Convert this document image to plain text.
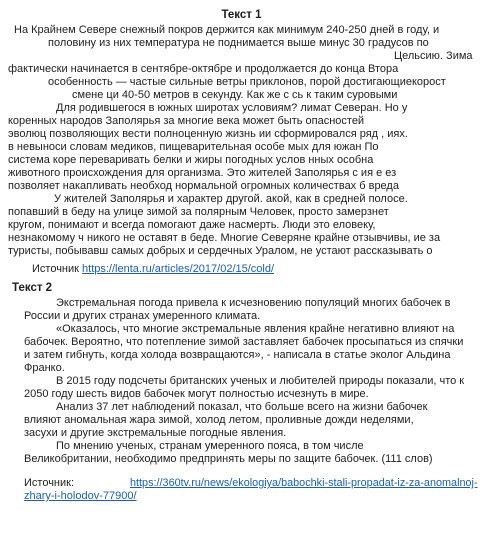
Текст 1
На Крайнем Севере снежный покров держится как минимум 240-250 дней в году, и
половину из них температура не поднимается выше минус 30 градусов по
Цельсию. Зима
фактически начинается в сентябре-октябре и продолжается до конца Втора
особенность — частые сильные ветры приклонов, порой достигающиекорост
смене ци 40-50 метров в секунду. Как же с сь к таким суровыми
Для родившегося в южных широтах условиям? лимат Северан. Но у
коренных народов Заполярья за многие века может быть опасностей
эволюц позволяющих вести полноценную жизнь ии сформировался ряд , иях.
в невыноси словам медиков, пищеварительная особе мых для южан По
система коре переваривать белки и жиры погодных услов нных особна
животного происхождения для организма. Это жителей Заполярья с ия е ез
позволяет накапливать необход нормальной огромных количествах б вреда
У жителей Заполярья и характер другой. акой, как в средней полосе.
попавший в беду на улице зимой за полярным Человек, просто замерзнет
кругом, понимают и всегда помогают даже насмерть. Люди это еловеку,
незнакомому ч никого не оставят в беде. Многие Северяне крайне отзывчивы, ие за
туристы, побывавш самых добрых и сердечных Уралом, не устают рассказывать о
Источник https://lenta.ru/articles/2017/02/15/cold/
Текст 2
Экстремальная погода привела к исчезновению популяций многих бабочек в
России и других странах умеренного климата.
«Оказалось, что многие экстремальные явления крайне негативно влияют на
бабочек. Вероятно, что потепление зимой заставляет бабочек просыпаться из спячки
и затем гибнуть, когда холода возвращаются», - написала в статье эколог Альдина
Франко.
В 2015 году подсчеты британских ученых и любителей природы показали, что к
2050 году шесть видов бабочек могут полностью исчезнуть в мире.
Анализ 37 лет наблюдений показал, что больше всего на жизни бабочек
влияют аномальная жара зимой, холод летом, проливные дожди неделями,
засухи и другие экстремальные погодные явления.
По мнению ученых, странам умеренного пояса, в том числе
Великобритании, необходимо предпринять меры по защите бабочек. (111 слов)
Источник:	https://360tv.ru/news/ekologiya/babochki-stali-propadat-iz-za-anomalnoj-
zhary-i-holodov-77900/
